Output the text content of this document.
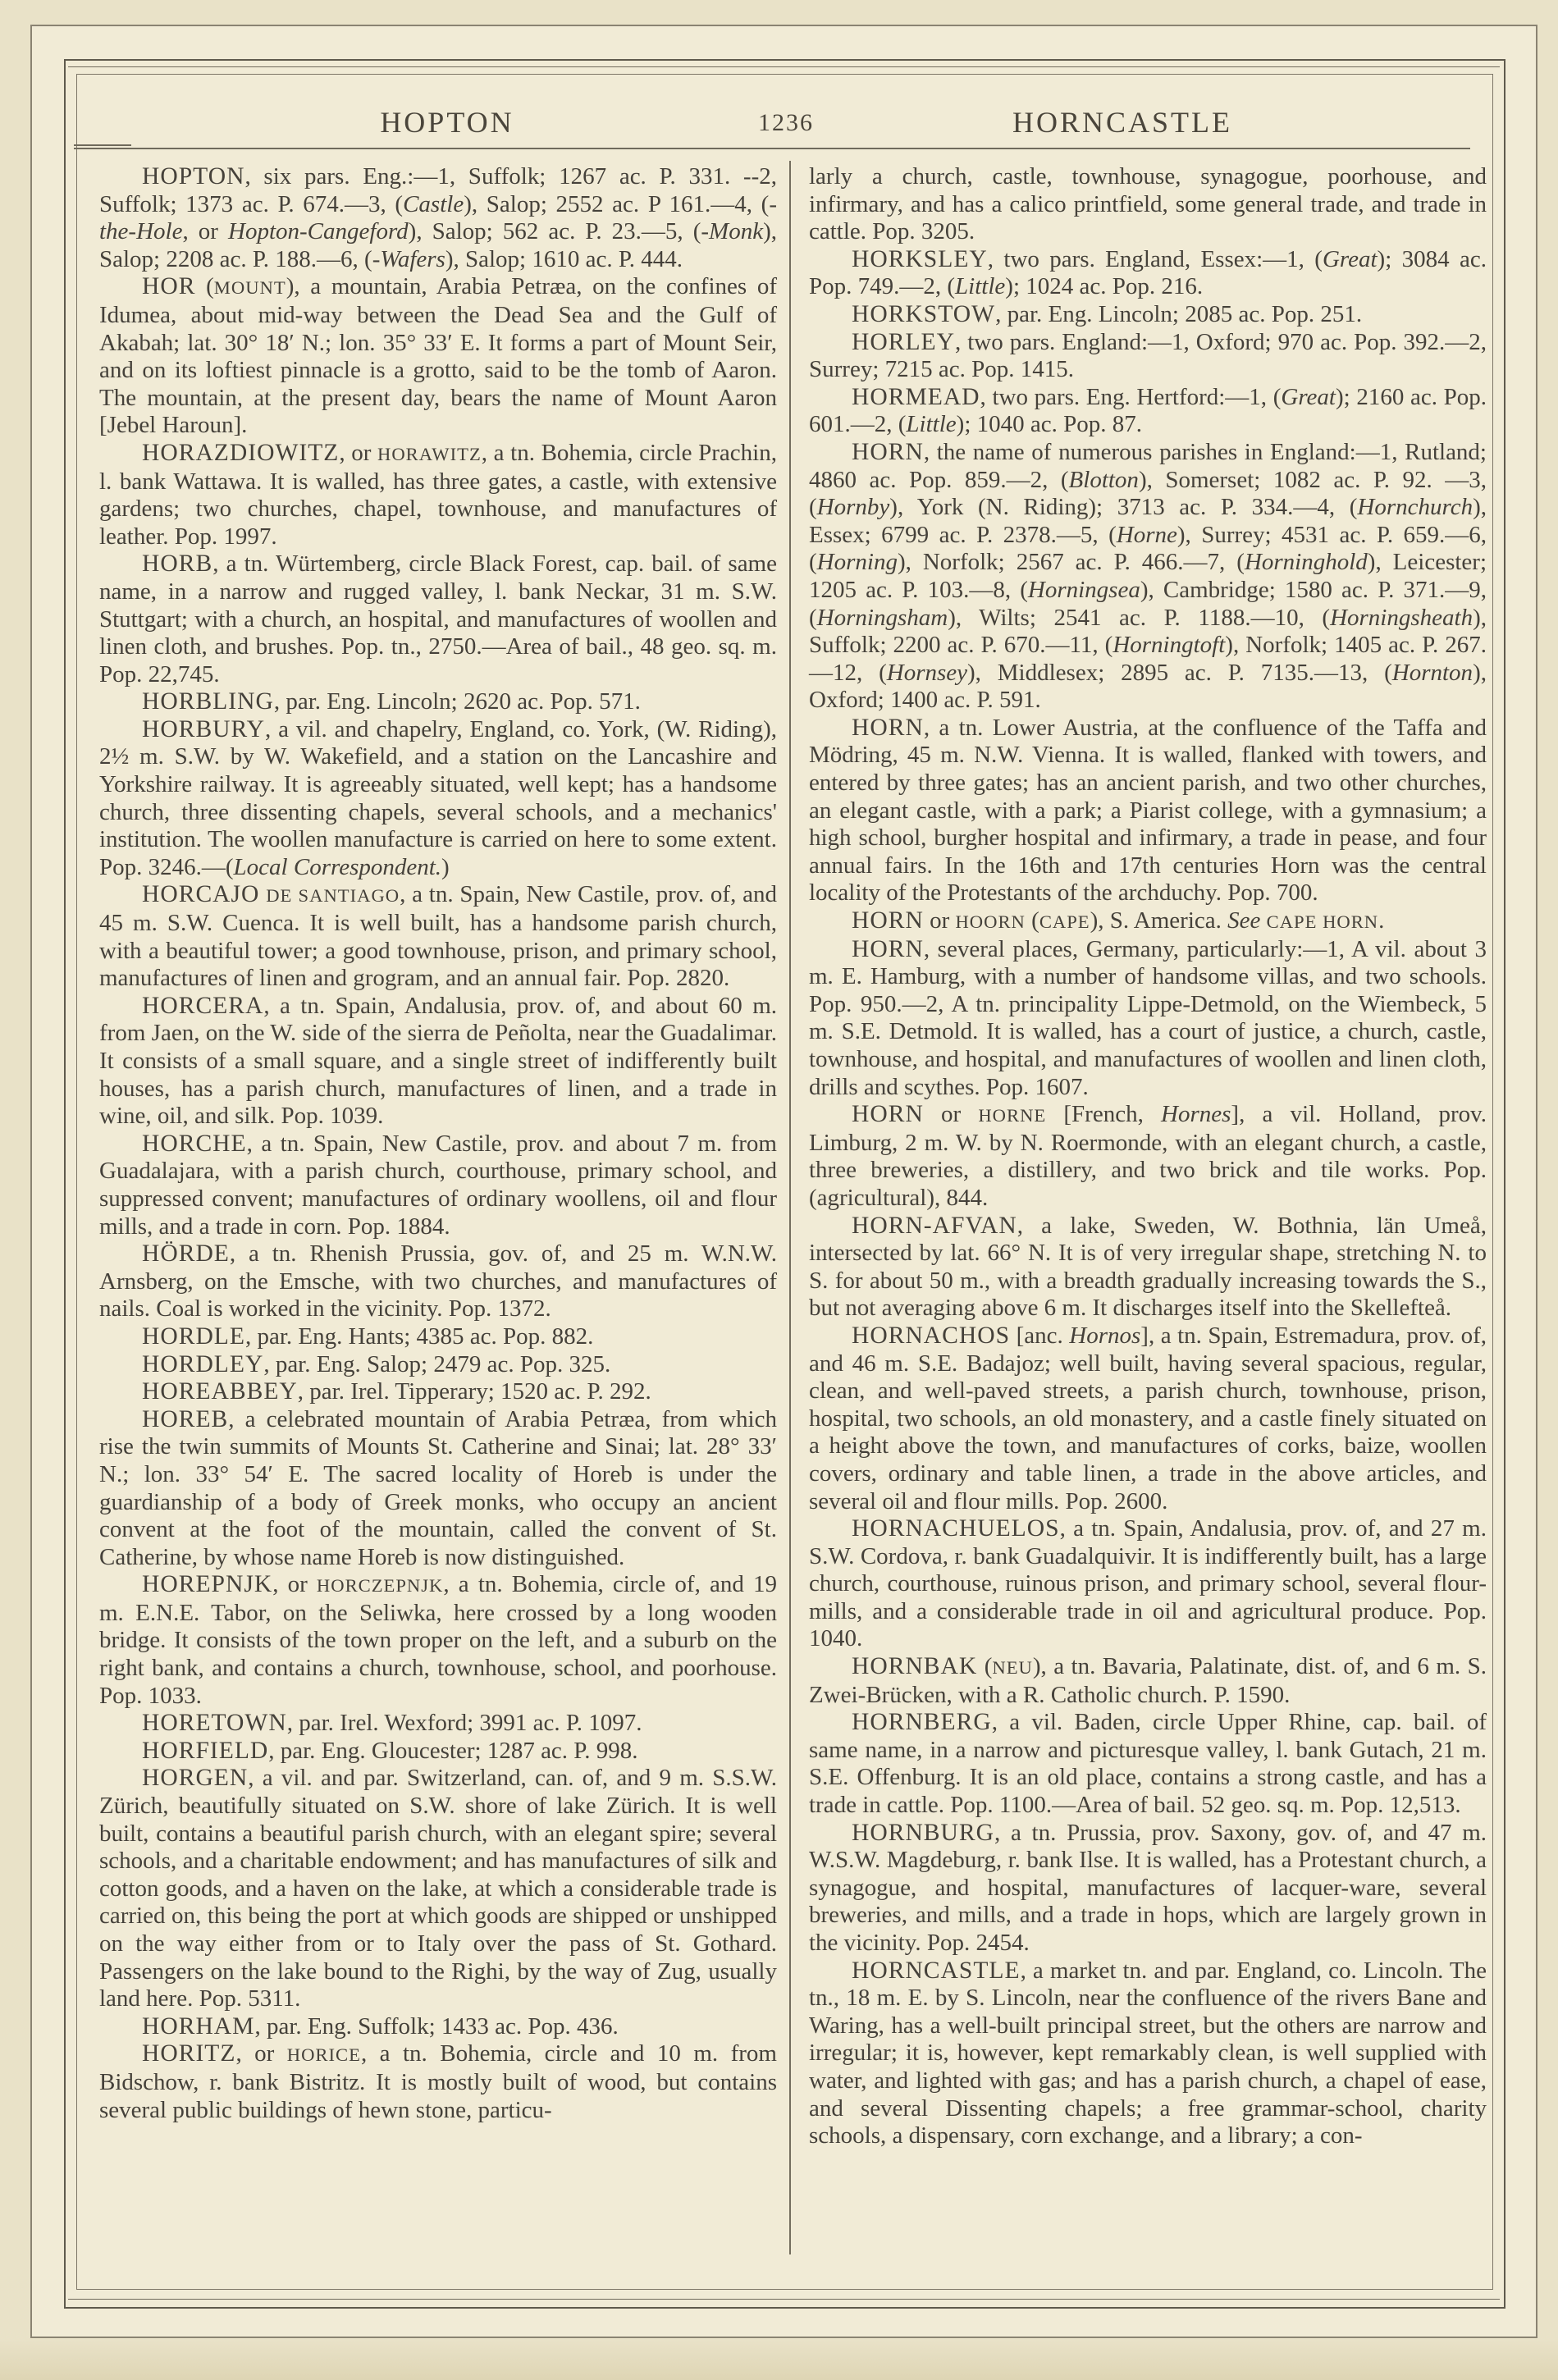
HOPTON	1236	HORNCASTLE

HOPTON, six pars. Eng.:—1, Suffolk; 1267 ac. P. 331. --2, Suffolk; 1373 ac. P. 674.—3, (Castle), Salop; 2552 ac. P 161.—4, (-the-Hole, or Hopton-Cangeford), Salop; 562 ac. P. 23.—5, (-Monk), Salop; 2208 ac. P. 188.—6, (-Wafers), Salop; 1610 ac. P. 444.

HOR (MOUNT), a mountain, Arabia Petræa, on the confines of Idumea, about mid-way between the Dead Sea and the Gulf of Akabah; lat. 30° 18′ N.; lon. 35° 33′ E. It forms a part of Mount Seir, and on its loftiest pinnacle is a grotto, said to be the tomb of Aaron. The mountain, at the present day, bears the name of Mount Aaron [Jebel Haroun].

HORAZDIOWITZ, or HORAWITZ, a tn. Bohemia, circle Prachin, l. bank Wattawa. It is walled, has three gates, a castle, with extensive gardens; two churches, chapel, townhouse, and manufactures of leather. Pop. 1997.

HORB, a tn. Würtemberg, circle Black Forest, cap. bail. of same name, in a narrow and rugged valley, l. bank Neckar, 31 m. S.W. Stuttgart; with a church, an hospital, and manufactures of woollen and linen cloth, and brushes. Pop. tn., 2750.—Area of bail., 48 geo. sq. m. Pop. 22,745.

HORBLING, par. Eng. Lincoln; 2620 ac. Pop. 571.

HORBURY, a vil. and chapelry, England, co. York, (W. Riding), 2½ m. S.W. by W. Wakefield, and a station on the Lancashire and Yorkshire railway. It is agreeably situated, well kept; has a handsome church, three dissenting chapels, several schools, and a mechanics' institution. The woollen manufacture is carried on here to some extent. Pop. 3246.—(Local Correspondent.)

HORCAJO DE SANTIAGO, a tn. Spain, New Castile, prov. of, and 45 m. S.W. Cuenca. It is well built, has a handsome parish church, with a beautiful tower; a good townhouse, prison, and primary school, manufactures of linen and grogram, and an annual fair. Pop. 2820.

HORCERA, a tn. Spain, Andalusia, prov. of, and about 60 m. from Jaen, on the W. side of the sierra de Peñolta, near the Guadalimar. It consists of a small square, and a single street of indifferently built houses, has a parish church, manufactures of linen, and a trade in wine, oil, and silk. Pop. 1039.

HORCHE, a tn. Spain, New Castile, prov. and about 7 m. from Guadalajara, with a parish church, courthouse, primary school, and suppressed convent; manufactures of ordinary woollens, oil and flour mills, and a trade in corn. Pop. 1884.

HÖRDE, a tn. Rhenish Prussia, gov. of, and 25 m. W.N.W. Arnsberg, on the Emsche, with two churches, and manufactures of nails. Coal is worked in the vicinity. Pop. 1372.

HORDLE, par. Eng. Hants; 4385 ac. Pop. 882.

HORDLEY, par. Eng. Salop; 2479 ac. Pop. 325.

HOREABBEY, par. Irel. Tipperary; 1520 ac. P. 292.

HOREB, a celebrated mountain of Arabia Petræa, from which rise the twin summits of Mounts St. Catherine and Sinai; lat. 28° 33′ N.; lon. 33° 54′ E. The sacred locality of Horeb is under the guardianship of a body of Greek monks, who occupy an ancient convent at the foot of the mountain, called the convent of St. Catherine, by whose name Horeb is now distinguished.

HOREPNJK, or HORCZEPNJK, a tn. Bohemia, circle of, and 19 m. E.N.E. Tabor, on the Seliwka, here crossed by a long wooden bridge. It consists of the town proper on the left, and a suburb on the right bank, and contains a church, townhouse, school, and poorhouse. Pop. 1033.

HORETOWN, par. Irel. Wexford; 3991 ac. P. 1097.

HORFIELD, par. Eng. Gloucester; 1287 ac. P. 998.

HORGEN, a vil. and par. Switzerland, can. of, and 9 m. S.S.W. Zürich, beautifully situated on S.W. shore of lake Zürich. It is well built, contains a beautiful parish church, with an elegant spire; several schools, and a charitable endowment; and has manufactures of silk and cotton goods, and a haven on the lake, at which a considerable trade is carried on, this being the port at which goods are shipped or unshipped on the way either from or to Italy over the pass of St. Gothard. Passengers on the lake bound to the Righi, by the way of Zug, usually land here. Pop. 5311.

HORHAM, par. Eng. Suffolk; 1433 ac. Pop. 436.

HORITZ, or HORICE, a tn. Bohemia, circle and 10 m. from Bidschow, r. bank Bistritz. It is mostly built of wood, but contains several public buildings of hewn stone, particu-

larly a church, castle, townhouse, synagogue, poorhouse, and infirmary, and has a calico printfield, some general trade, and trade in cattle. Pop. 3205.

HORKSLEY, two pars. England, Essex:—1, (Great); 3084 ac. Pop. 749.—2, (Little); 1024 ac. Pop. 216.

HORKSTOW, par. Eng. Lincoln; 2085 ac. Pop. 251.

HORLEY, two pars. England:—1, Oxford; 970 ac. Pop. 392.—2, Surrey; 7215 ac. Pop. 1415.

HORMEAD, two pars. Eng. Hertford:—1, (Great); 2160 ac. Pop. 601.—2, (Little); 1040 ac. Pop. 87.

HORN, the name of numerous parishes in England:—1, Rutland; 4860 ac. Pop. 859.—2, (Blotton), Somerset; 1082 ac. P. 92. —3, (Hornby), York (N. Riding); 3713 ac. P. 334.—4, (Hornchurch), Essex; 6799 ac. P. 2378.—5, (Horne), Surrey; 4531 ac. P. 659.—6, (Horning), Norfolk; 2567 ac. P. 466.—7, (Horninghold), Leicester; 1205 ac. P. 103.—8, (Horningsea), Cambridge; 1580 ac. P. 371.—9, (Horningsham), Wilts; 2541 ac. P. 1188.—10, (Horningsheath), Suffolk; 2200 ac. P. 670.—11, (Horningtoft), Norfolk; 1405 ac. P. 267.—12, (Hornsey), Middlesex; 2895 ac. P. 7135.—13, (Hornton), Oxford; 1400 ac. P. 591.

HORN, a tn. Lower Austria, at the confluence of the Taffa and Mödring, 45 m. N.W. Vienna. It is walled, flanked with towers, and entered by three gates; has an ancient parish, and two other churches, an elegant castle, with a park; a Piarist college, with a gymnasium; a high school, burgher hospital and infirmary, a trade in pease, and four annual fairs. In the 16th and 17th centuries Horn was the central locality of the Protestants of the archduchy. Pop. 700.

HORN or HOORN (CAPE), S. America. See CAPE HORN.

HORN, several places, Germany, particularly:—1, A vil. about 3 m. E. Hamburg, with a number of handsome villas, and two schools. Pop. 950.—2, A tn. principality Lippe-Detmold, on the Wiembeck, 5 m. S.E. Detmold. It is walled, has a court of justice, a church, castle, townhouse, and hospital, and manufactures of woollen and linen cloth, drills and scythes. Pop. 1607.

HORN or HORNE [French, Hornes], a vil. Holland, prov. Limburg, 2 m. W. by N. Roermonde, with an elegant church, a castle, three breweries, a distillery, and two brick and tile works. Pop. (agricultural), 844.

HORN-AFVAN, a lake, Sweden, W. Bothnia, län Umeå, intersected by lat. 66° N. It is of very irregular shape, stretching N. to S. for about 50 m., with a breadth gradually increasing towards the S., but not averaging above 6 m. It discharges itself into the Skellefteå.

HORNACHOS [anc. Hornos], a tn. Spain, Estremadura, prov. of, and 46 m. S.E. Badajoz; well built, having several spacious, regular, clean, and well-paved streets, a parish church, townhouse, prison, hospital, two schools, an old monastery, and a castle finely situated on a height above the town, and manufactures of corks, baize, woollen covers, ordinary and table linen, a trade in the above articles, and several oil and flour mills. Pop. 2600.

HORNACHUELOS, a tn. Spain, Andalusia, prov. of, and 27 m. S.W. Cordova, r. bank Guadalquivir. It is indifferently built, has a large church, courthouse, ruinous prison, and primary school, several flour-mills, and a considerable trade in oil and agricultural produce. Pop. 1040.

HORNBAK (NEU), a tn. Bavaria, Palatinate, dist. of, and 6 m. S. Zwei-Brücken, with a R. Catholic church. P. 1590.

HORNBERG, a vil. Baden, circle Upper Rhine, cap. bail. of same name, in a narrow and picturesque valley, l. bank Gutach, 21 m. S.E. Offenburg. It is an old place, contains a strong castle, and has a trade in cattle. Pop. 1100.—Area of bail. 52 geo. sq. m. Pop. 12,513.

HORNBURG, a tn. Prussia, prov. Saxony, gov. of, and 47 m. W.S.W. Magdeburg, r. bank Ilse. It is walled, has a Protestant church, a synagogue, and hospital, manufactures of lacquer-ware, several breweries, and mills, and a trade in hops, which are largely grown in the vicinity. Pop. 2454.

HORNCASTLE, a market tn. and par. England, co. Lincoln. The tn., 18 m. E. by S. Lincoln, near the confluence of the rivers Bane and Waring, has a well-built principal street, but the others are narrow and irregular; it is, however, kept remarkably clean, is well supplied with water, and lighted with gas; and has a parish church, a chapel of ease, and several Dissenting chapels; a free grammar-school, charity schools, a dispensary, corn exchange, and a library; a con-
